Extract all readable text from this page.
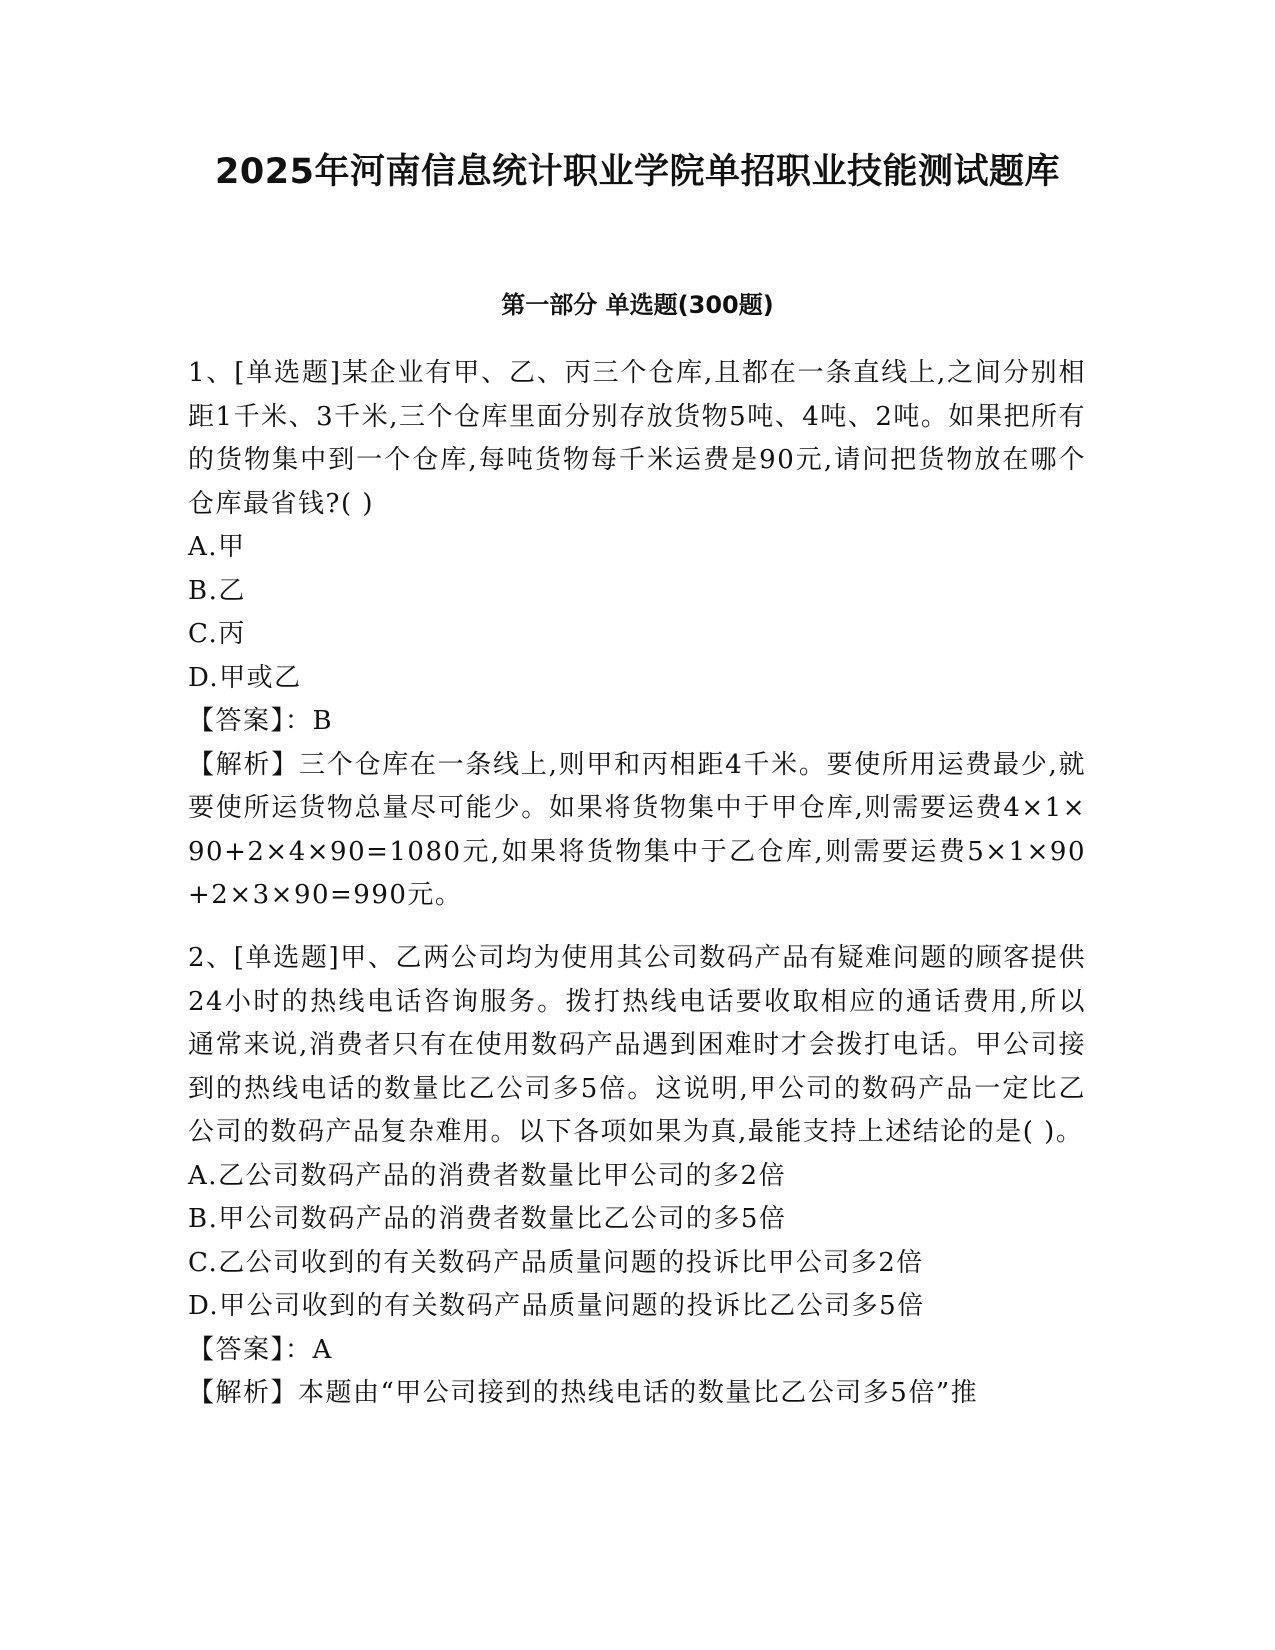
2025年河南信息统计职业学院单招职业技能测试题库
第一部分 单选题(300题)

1、[单选题]某企业有甲、乙、丙三个仓库,且都在一条直线上,之间分别相距1千米、3千米,三个仓库里面分别存放货物5吨、4吨、2吨。如果把所有的货物集中到一个仓库,每吨货物每千米运费是90元,请问把货物放在哪个仓库最省钱?( )

A.甲

B.乙

C.丙

D.甲或乙

【答案】：B

【解析】三个仓库在一条线上,则甲和丙相距4千米。要使所用运费最少,就要使所运货物总量尽可能少。如果将货物集中于甲仓库,则需要运费4×1×90+2×4×90=1080元,如果将货物集中于乙仓库,则需要运费5×1×90+2×3×90=990元。

2、[单选题]甲、乙两公司均为使用其公司数码产品有疑难问题的顾客提供24小时的热线电话咨询服务。拨打热线电话要收取相应的通话费用,所以通常来说,消费者只有在使用数码产品遇到困难时才会拨打电话。甲公司接到的热线电话的数量比乙公司多5倍。这说明,甲公司的数码产品一定比乙公司的数码产品复杂难用。以下各项如果为真,最能支持上述结论的是( )。

A.乙公司数码产品的消费者数量比甲公司的多2倍

B.甲公司数码产品的消费者数量比乙公司的多5倍

C.乙公司收到的有关数码产品质量问题的投诉比甲公司多2倍

D.甲公司收到的有关数码产品质量问题的投诉比乙公司多5倍

【答案】：A

【解析】本题由“甲公司接到的热线电话的数量比乙公司多5倍”推
